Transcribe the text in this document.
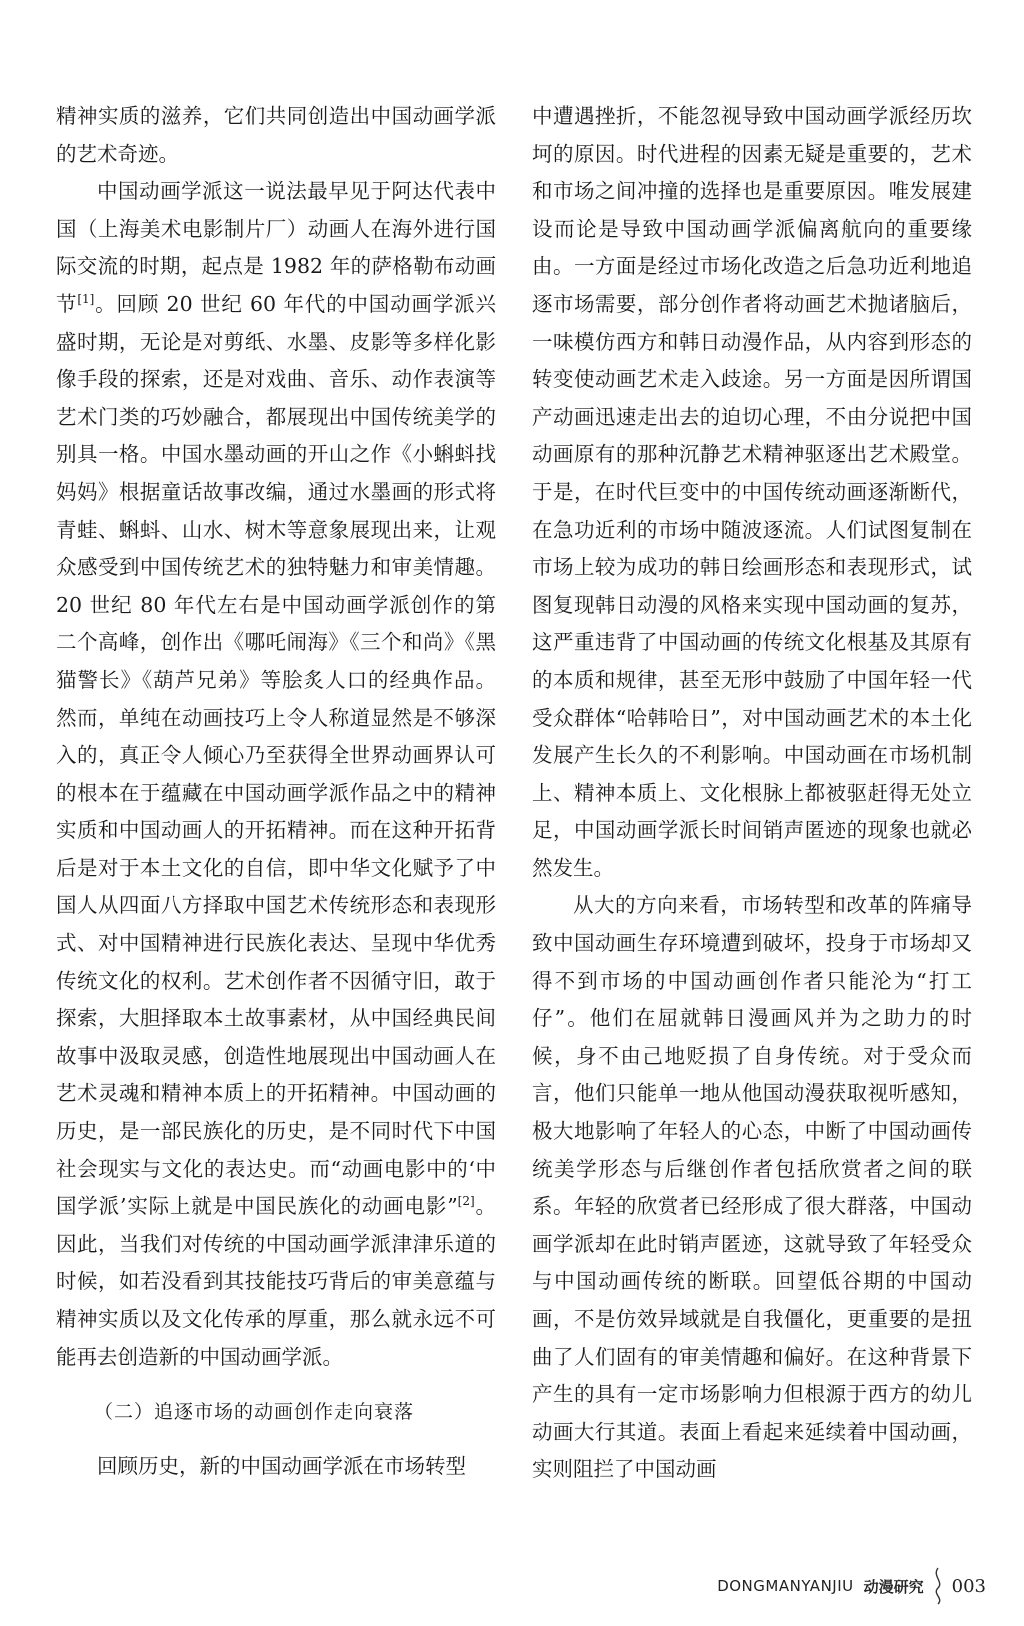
精神实质的滋养，它们共同创造出中国动画学派的艺术奇迹。

中国动画学派这一说法最早见于阿达代表中国（上海美术电影制片厂）动画人在海外进行国际交流的时期，起点是 1982 年的萨格勒布动画节[1]。回顾 20 世纪 60 年代的中国动画学派兴盛时期，无论是对剪纸、水墨、皮影等多样化影像手段的探索，还是对戏曲、音乐、动作表演等艺术门类的巧妙融合，都展现出中国传统美学的别具一格。中国水墨动画的开山之作《小蝌蚪找妈妈》根据童话故事改编，通过水墨画的形式将青蛙、蝌蚪、山水、树木等意象展现出来，让观众感受到中国传统艺术的独特魅力和审美情趣。20 世纪 80 年代左右是中国动画学派创作的第二个高峰，创作出《哪吒闹海》《三个和尚》《黑猫警长》《葫芦兄弟》等脍炙人口的经典作品。然而，单纯在动画技巧上令人称道显然是不够深入的，真正令人倾心乃至获得全世界动画界认可的根本在于蕴藏在中国动画学派作品之中的精神实质和中国动画人的开拓精神。而在这种开拓背后是对于本土文化的自信，即中华文化赋予了中国人从四面八方择取中国艺术传统形态和表现形式、对中国精神进行民族化表达、呈现中华优秀传统文化的权利。艺术创作者不因循守旧，敢于探索，大胆择取本土故事素材，从中国经典民间故事中汲取灵感，创造性地展现出中国动画人在艺术灵魂和精神本质上的开拓精神。中国动画的历史，是一部民族化的历史，是不同时代下中国社会现实与文化的表达史。而“动画电影中的‘中国学派’实际上就是中国民族化的动画电影”[2]。因此，当我们对传统的中国动画学派津津乐道的时候，如若没看到其技能技巧背后的审美意蕴与精神实质以及文化传承的厚重，那么就永远不可能再去创造新的中国动画学派。

（二）追逐市场的动画创作走向衰落

回顾历史，新的中国动画学派在市场转型

中遭遇挫折，不能忽视导致中国动画学派经历坎坷的原因。时代进程的因素无疑是重要的，艺术和市场之间冲撞的选择也是重要原因。唯发展建设而论是导致中国动画学派偏离航向的重要缘由。一方面是经过市场化改造之后急功近利地追逐市场需要，部分创作者将动画艺术抛诸脑后，一味模仿西方和韩日动漫作品，从内容到形态的转变使动画艺术走入歧途。另一方面是因所谓国产动画迅速走出去的迫切心理，不由分说把中国动画原有的那种沉静艺术精神驱逐出艺术殿堂。于是，在时代巨变中的中国传统动画逐渐断代，在急功近利的市场中随波逐流。人们试图复制在市场上较为成功的韩日绘画形态和表现形式，试图复现韩日动漫的风格来实现中国动画的复苏，这严重违背了中国动画的传统文化根基及其原有的本质和规律，甚至无形中鼓励了中国年轻一代受众群体“哈韩哈日”，对中国动画艺术的本土化发展产生长久的不利影响。中国动画在市场机制上、精神本质上、文化根脉上都被驱赶得无处立足，中国动画学派长时间销声匿迹的现象也就必然发生。

从大的方向来看，市场转型和改革的阵痛导致中国动画生存环境遭到破坏，投身于市场却又得不到市场的中国动画创作者只能沦为“打工仔”。他们在屈就韩日漫画风并为之助力的时候，身不由己地贬损了自身传统。对于受众而言，他们只能单一地从他国动漫获取视听感知，极大地影响了年轻人的心态，中断了中国动画传统美学形态与后继创作者包括欣赏者之间的联系。年轻的欣赏者已经形成了很大群落，中国动画学派却在此时销声匿迹，这就导致了年轻受众与中国动画传统的断联。回望低谷期的中国动画，不是仿效异域就是自我僵化，更重要的是扭曲了人们固有的审美情趣和偏好。在这种背景下产生的具有一定市场影响力但根源于西方的幼儿动画大行其道。表面上看起来延续着中国动画，实则阻拦了中国动画

DONGMANYANJIU 动漫研究 003
